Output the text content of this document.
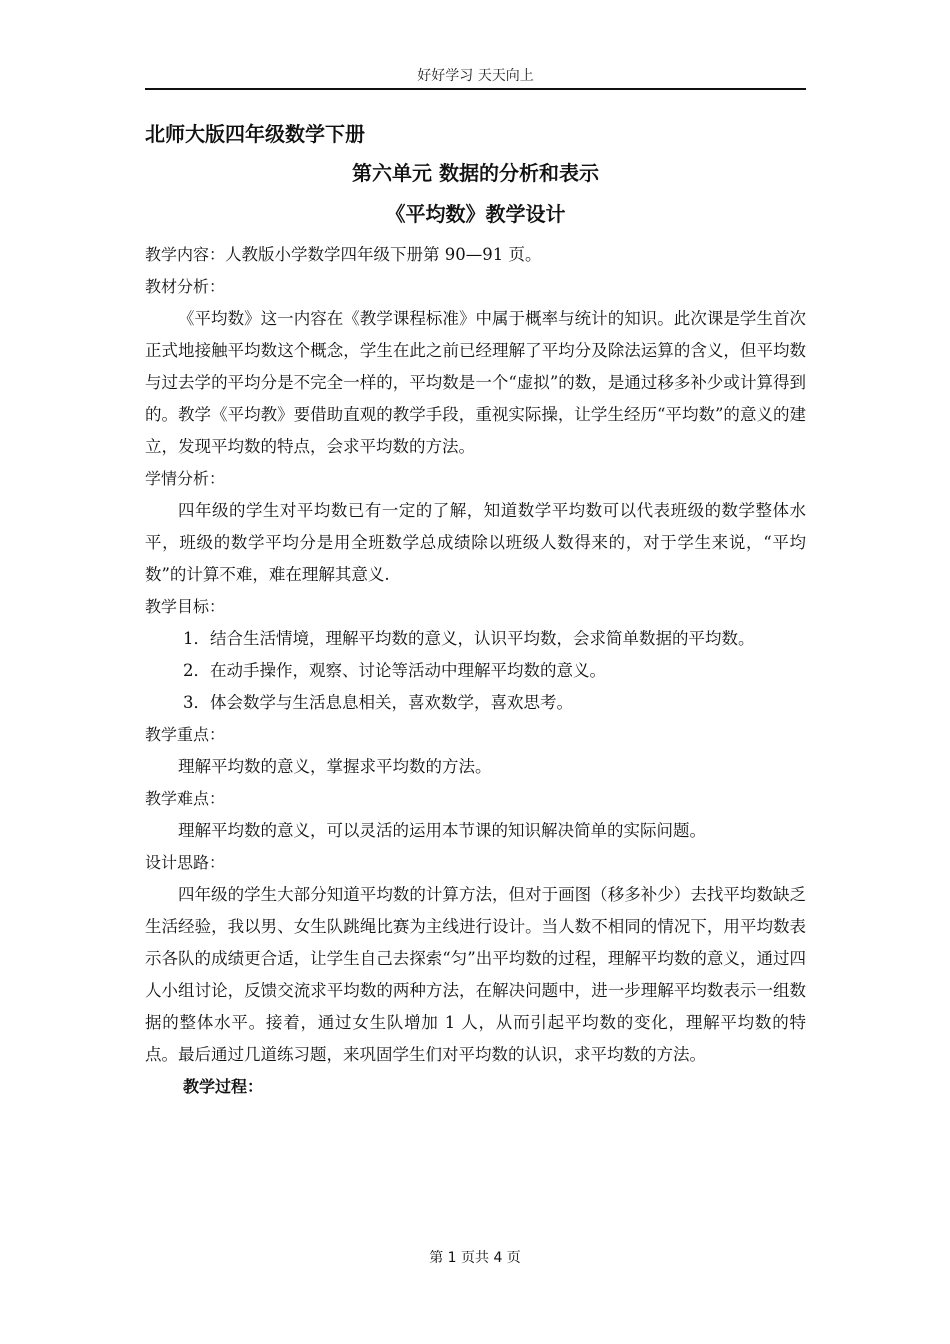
好好学习 天天向上
北师大版四年级数学下册
第六单元 数据的分析和表示
《平均数》教学设计
教学内容：人教版小学数学四年级下册第 90—91 页。
教材分析：

《平均数》这一内容在《教学课程标准》中属于概率与统计的知识。此次课是学生首次正式地接触平均数这个概念，学生在此之前已经理解了平均分及除法运算的含义，但平均数与过去学的平均分是不完全一样的，平均数是一个“虚拟”的数，是通过移多补少或计算得到的。教学《平均教》要借助直观的教学手段，重视实际操，让学生经历“平均数”的意义的建立，发现平均数的特点，会求平均数的方法。

学情分析：

四年级的学生对平均数已有一定的了解，知道数学平均数可以代表班级的数学整体水平，班级的数学平均分是用全班数学总成绩除以班级人数得来的，对于学生来说，“平均数”的计算不难，难在理解其意义.

教学目标：

1．结合生活情境，理解平均数的意义，认识平均数，会求简单数据的平均数。

2．在动手操作，观察、讨论等活动中理解平均数的意义。

3．体会数学与生活息息相关，喜欢数学，喜欢思考。

教学重点：

理解平均数的意义，掌握求平均数的方法。

教学难点：

理解平均数的意义，可以灵活的运用本节课的知识解决简单的实际问题。

设计思路：

四年级的学生大部分知道平均数的计算方法，但对于画图（移多补少）去找平均数缺乏生活经验，我以男、女生队跳绳比赛为主线进行设计。当人数不相同的情况下，用平均数表示各队的成绩更合适，让学生自己去探索“匀”出平均数的过程，理解平均数的意义，通过四人小组讨论，反馈交流求平均数的两种方法，在解决问题中，进一步理解平均数表示一组数据的整体水平。接着，通过女生队增加 1 人，从而引起平均数的变化，理解平均数的特点。最后通过几道练习题，来巩固学生们对平均数的认识，求平均数的方法。

教学过程：
第 1 页共 4 页
